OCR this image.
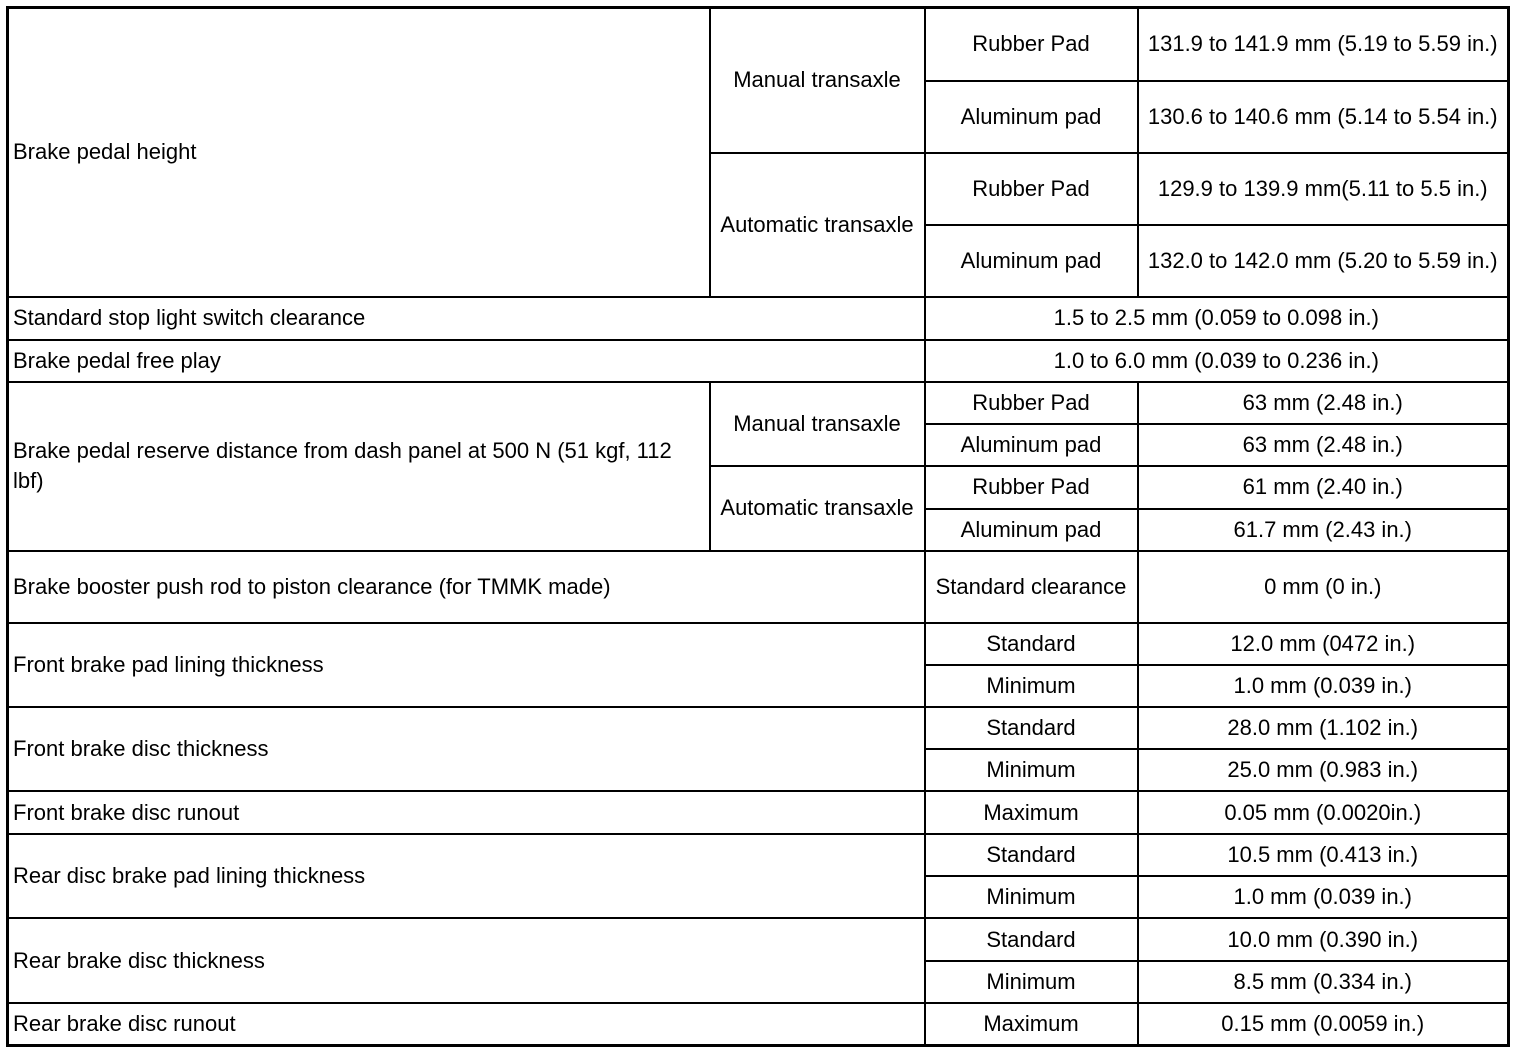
Brake pedal height	Manual transaxle	Rubber Pad	131.9 to 141.9 mm (5.19 to 5.59 in.)
		Aluminum pad	130.6 to 140.6 mm (5.14 to 5.54 in.)
	Automatic transaxle	Rubber Pad	129.9 to 139.9 mm(5.11 to 5.5 in.)
		Aluminum pad	132.0 to 142.0 mm (5.20 to 5.59 in.)
Standard stop light switch clearance		1.5 to 2.5 mm (0.059 to 0.098 in.)	
Brake pedal free play		1.0 to 6.0 mm (0.039 to 0.236 in.)	
Brake pedal reserve distance from dash panel at 500 N (51 kgf, 112 lbf)	Manual transaxle	Rubber Pad	63 mm (2.48 in.)
		Aluminum pad	63 mm (2.48 in.)
	Automatic transaxle	Rubber Pad	61 mm (2.40 in.)
		Aluminum pad	61.7 mm (2.43 in.)
Brake booster push rod to piston clearance (for TMMK made)		Standard clearance	0 mm (0 in.)
Front brake pad lining thickness		Standard	12.0 mm (0472 in.)
		Minimum	1.0 mm (0.039 in.)
Front brake disc thickness		Standard	28.0 mm (1.102 in.)
		Minimum	25.0 mm (0.983 in.)
Front brake disc runout		Maximum	0.05 mm (0.0020in.)
Rear disc brake pad lining thickness		Standard	10.5 mm (0.413 in.)
		Minimum	1.0 mm (0.039 in.)
Rear brake disc thickness		Standard	10.0 mm (0.390 in.)
		Minimum	8.5 mm (0.334 in.)
Rear brake disc runout		Maximum	0.15 mm (0.0059 in.)
